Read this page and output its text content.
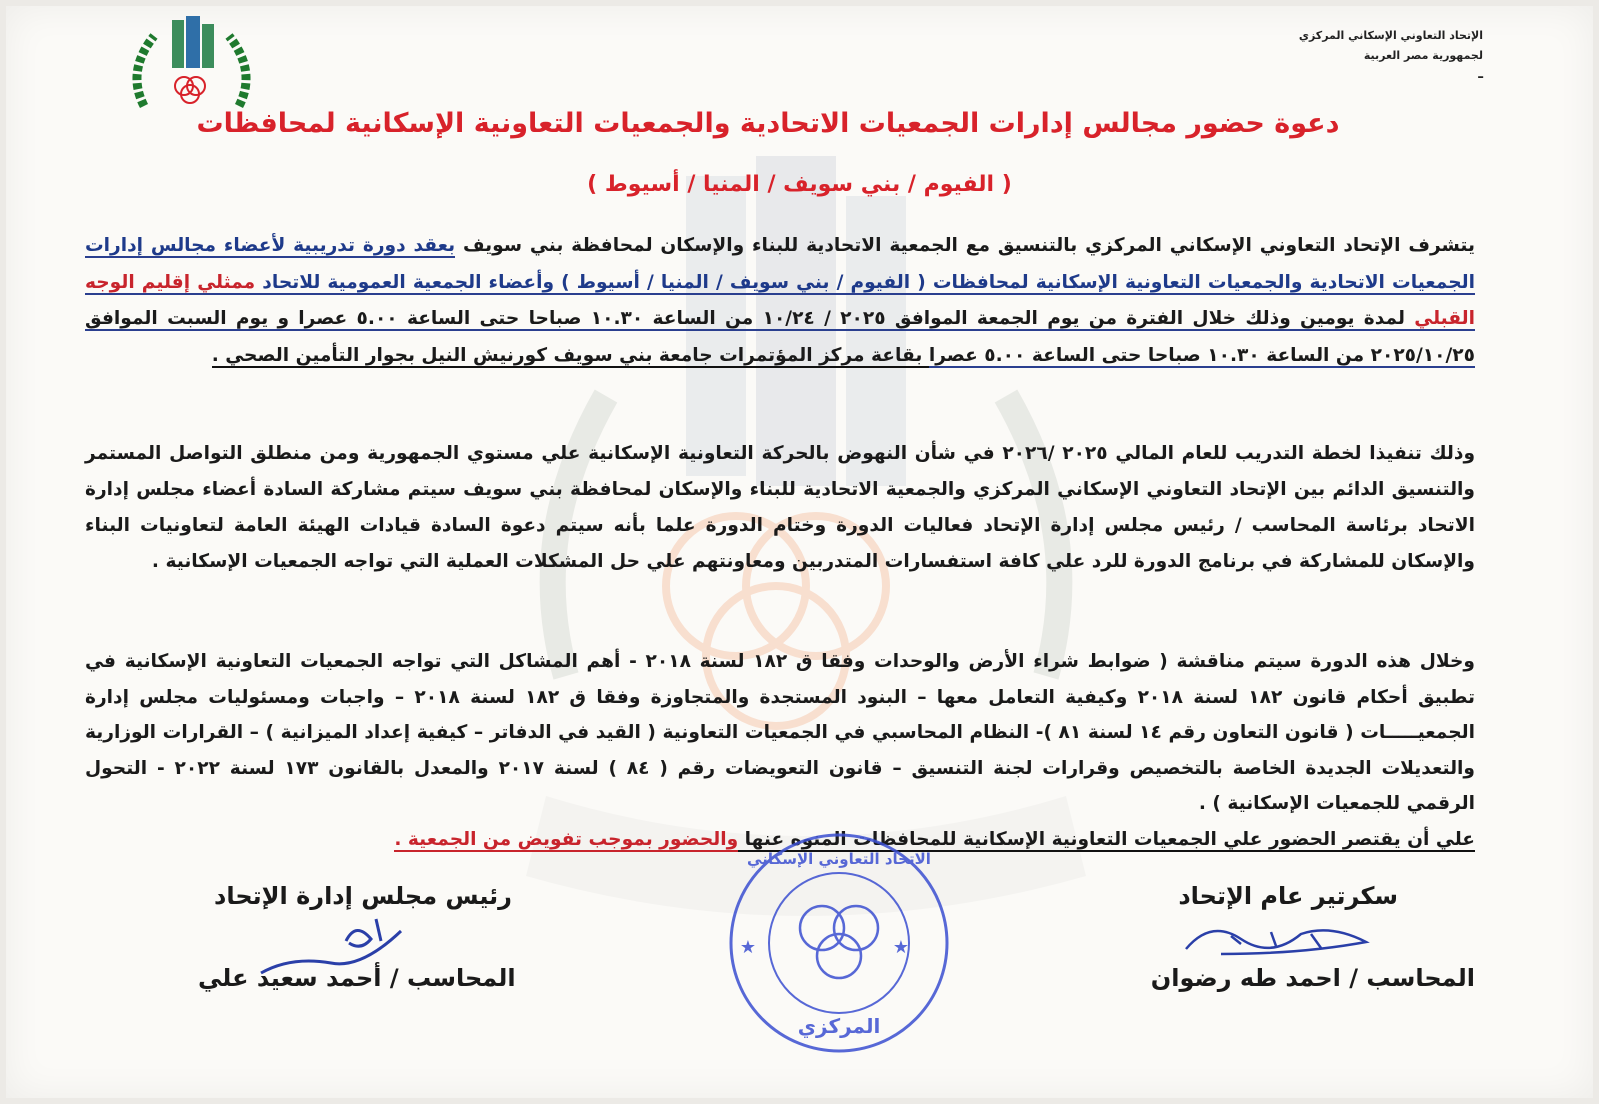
الإتحاد التعاوني الإسكاني المركزي
لجمهورية مصر العربية
ـ
دعوة حضور مجالس إدارات الجمعيات الاتحادية والجمعيات التعاونية الإسكانية لمحافظات
( الفيوم / بني سويف / المنيا / أسيوط )
يتشرف الإتحاد التعاوني الإسكاني المركزي بالتنسيق مع الجمعية الاتحادية للبناء والإسكان لمحافظة بني سويف بعقد دورة تدريبية لأعضاء مجالس إدارات الجمعيات الاتحادية والجمعيات التعاونية الإسكانية لمحافظات ( الفيوم / بني سويف / المنيا / أسيوط ) وأعضاء الجمعية العمومية للاتحاد ممثلي إقليم الوجه القبلي لمدة يومين وذلك خلال الفترة من يوم الجمعة الموافق ٢٠٢٥ / ١٠/٢٤ من الساعة ١٠.٣٠ صباحا حتى الساعة ٥.٠٠ عصرا و يوم السبت الموافق ٢٠٢٥/١٠/٢٥ من الساعة ١٠.٣٠ صباحا حتى الساعة ٥.٠٠ عصرا بقاعة مركز المؤتمرات جامعة بني سويف كورنيش النيل بجوار التأمين الصحي .
وذلك تنفيذا لخطة التدريب للعام المالي ٢٠٢٥ /٢٠٢٦ في شأن النهوض بالحركة التعاونية الإسكانية علي مستوي الجمهورية ومن منطلق التواصل المستمر والتنسيق الدائم بين الإتحاد التعاوني الإسكاني المركزي والجمعية الاتحادية للبناء والإسكان لمحافظة بني سويف سيتم مشاركة السادة أعضاء مجلس إدارة الاتحاد برئاسة المحاسب / رئيس مجلس إدارة الإتحاد فعاليات الدورة وختام الدورة علما بأنه سيتم دعوة السادة قيادات الهيئة العامة لتعاونيات البناء والإسكان للمشاركة في برنامج الدورة للرد علي كافة استفسارات المتدربين ومعاونتهم علي حل المشكلات العملية التي تواجه الجمعيات الإسكانية .
وخلال هذه الدورة سيتم مناقشة ( ضوابط شراء الأرض والوحدات وفقا ق ١٨٢ لسنة ٢٠١٨ - أهم المشاكل التي تواجه الجمعيات التعاونية الإسكانية في تطبيق أحكام قانون ١٨٢ لسنة ٢٠١٨ وكيفية التعامل معها – البنود المستجدة والمتجاوزة وفقا ق ١٨٢ لسنة ٢٠١٨ – واجبات ومسئوليات مجلس إدارة الجمعيـــــات ( قانون التعاون رقم ١٤ لسنة ٨١ )- النظام المحاسبي في الجمعيات التعاونية ( القيد في الدفاتر – كيفية إعداد الميزانية ) – القرارات الوزارية والتعديلات الجديدة الخاصة بالتخصيص وقرارات لجنة التنسيق – قانون التعويضات رقم ( ٨٤ ) لسنة ٢٠١٧ والمعدل بالقانون ١٧٣ لسنة ٢٠٢٢ - التحول الرقمي للجمعيات الإسكانية ) .
علي أن يقتصر الحضور علي الجمعيات التعاونية الإسكانية للمحافظات المنوه عنها والحضور بموجب تفويض من الجمعية .
سكرتير عام الإتحاد
المحاسب / احمد طه رضوان
رئيس مجلس إدارة الإتحاد
المحاسب / أحمد سعيد علي
★	★
الاتحاد التعاوني الإسكاني
المركزي
